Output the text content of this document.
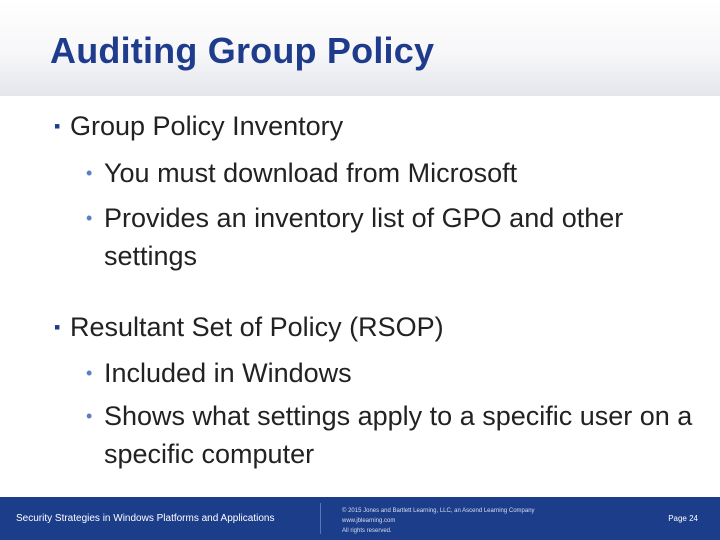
Auditing Group Policy
▪ Group Policy Inventory
• You must download from Microsoft
• Provides an inventory list of GPO and other settings
▪ Resultant Set of Policy (RSOP)
• Included in Windows
• Shows what settings apply to a specific user on a specific computer
Security Strategies in Windows Platforms and Applications
© 2015 Jones and Bartlett Learning, LLC, an Ascend Learning Company
www.jblearning.com
All rights reserved.
Page 24
